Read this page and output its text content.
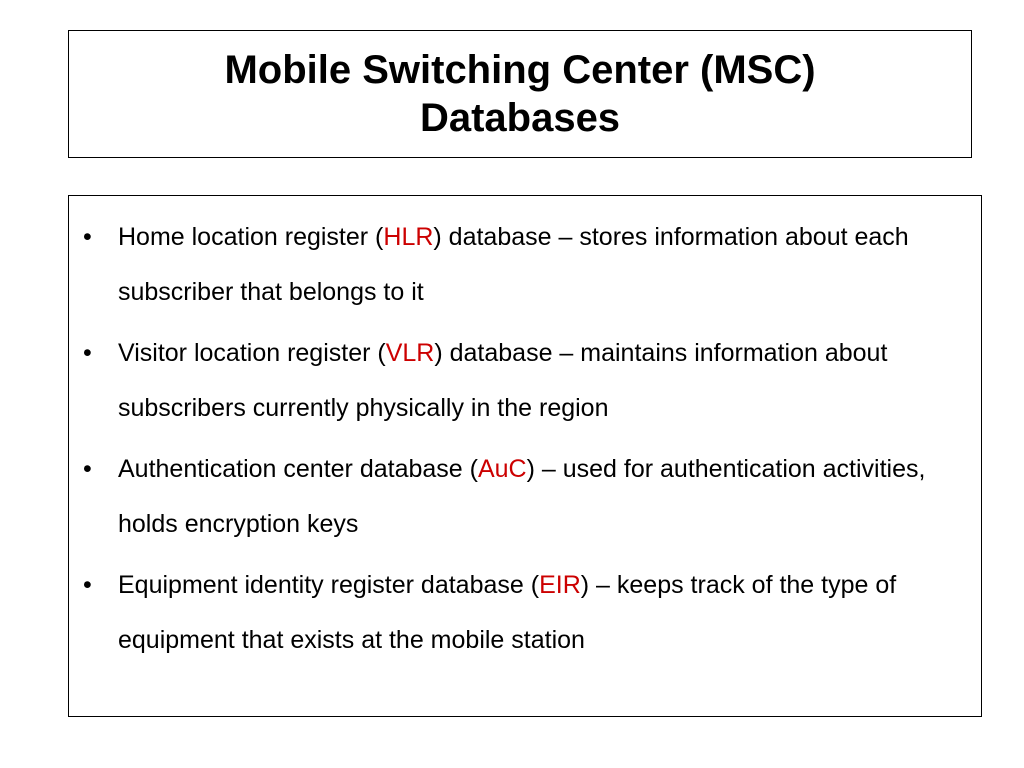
Mobile Switching Center (MSC)
Databases
• Home location register (HLR) database – stores information about each subscriber that belongs to it
• Visitor location register (VLR) database – maintains information about subscribers currently physically in the region
• Authentication center database (AuC) – used for authentication activities, holds encryption keys
• Equipment identity register database (EIR) – keeps track of the type of equipment that exists at the mobile station
